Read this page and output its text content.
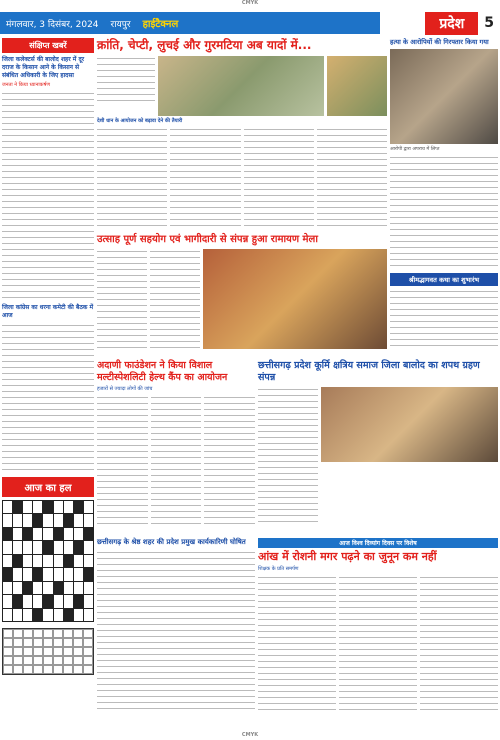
CMYK
मंगलवार, 3 दिसंबर, 2024	रायपुर	हाईटैक्नल	प्रदेश	5
संक्षिप्त खबरें
जिला कलेक्टर्स की बालोद शहर में दूर दराज के किसान आने के किसान से संबंधित अधिकारी के जिए हादसा
जनता ने किया ध्यानाकर्षण
जिला कांग्रेस का धरना कमेटी की बैठक में आज
आज का हल
क्रांति, चेप्टी, लुचई और गुरमटिया अब यादों में...
देशी धान के आयोजन को बढ़ावा देने की तैयारी
उत्साह पूर्ण सहयोग एवं भागीदारी से संपन्न हुआ रामायण मेला
अदाणी फाउंडेशन ने किया विशाल मल्टीस्पेशलिटी हेल्थ कैंप का आयोजन
हजारों से ज्यादा लोगों की जांच
छत्तीसगढ़ प्रदेश कूर्मि क्षत्रिय समाज जिला बालोद का शपथ ग्रहण संपन्न
हत्या के आरोपियों की गिरफ्तार किया गया
आरोपी द्वारा अपराध में लिप्त
श्रीमद्भागवत कथा का शुभारंभ
छत्तीसगढ़ के श्रेष्ठ शहर की प्रदेश प्रमुख कार्यकारिणी घोषित	आज विश्व दिव्यांग दिवस पर विशेष
आंख में रोशनी मगर पढ़ने का जुनून कम नहीं
शिक्षक के प्रति समर्पण
CMYK
